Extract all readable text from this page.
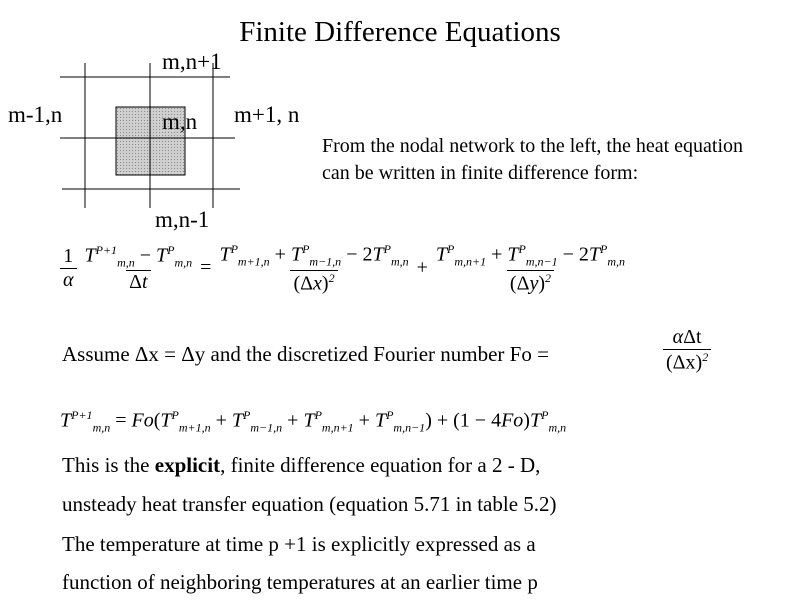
Finite Difference Equations
m,n+1
m-1,n	m,n m+1, n
m,n-1
From the nodal network to the left, the heat equation can be written in finite difference form:
$\frac{1}{\alpha}$
$\frac{T^{P+1}_{m,n} - T^P_{m,n}}{\Delta t} = \frac{T^P_{m+1,n} + T^P_{m-1,n} - 2T^P_{m,n}}{(\Delta x)^2} + \frac{T^P_{m,n+1} + T^P_{m,n-1} - 2T^P_{m,n}}{(\Delta y)^2}$
Assume Δx = Δy and the discretized Fourier number Fo =	$\frac{\text{αΔt}}{(\Delta x)^2}$
$T^{P+1}_{m,n} = Fo(T^P_{m+1,n} + T^P_{m-1,n} + T^P_{m,n+1} + T^P_{m,n-1}) + (1 - 4Fo)T^P_{m,n}$
This is the explicit, finite difference equation for a 2 - D,
unsteady heat transfer equation (equation 5.71 in table 5.2)
The temperature at time p +1 is explicitly expressed as a
function of neighboring temperatures at an earlier time p
